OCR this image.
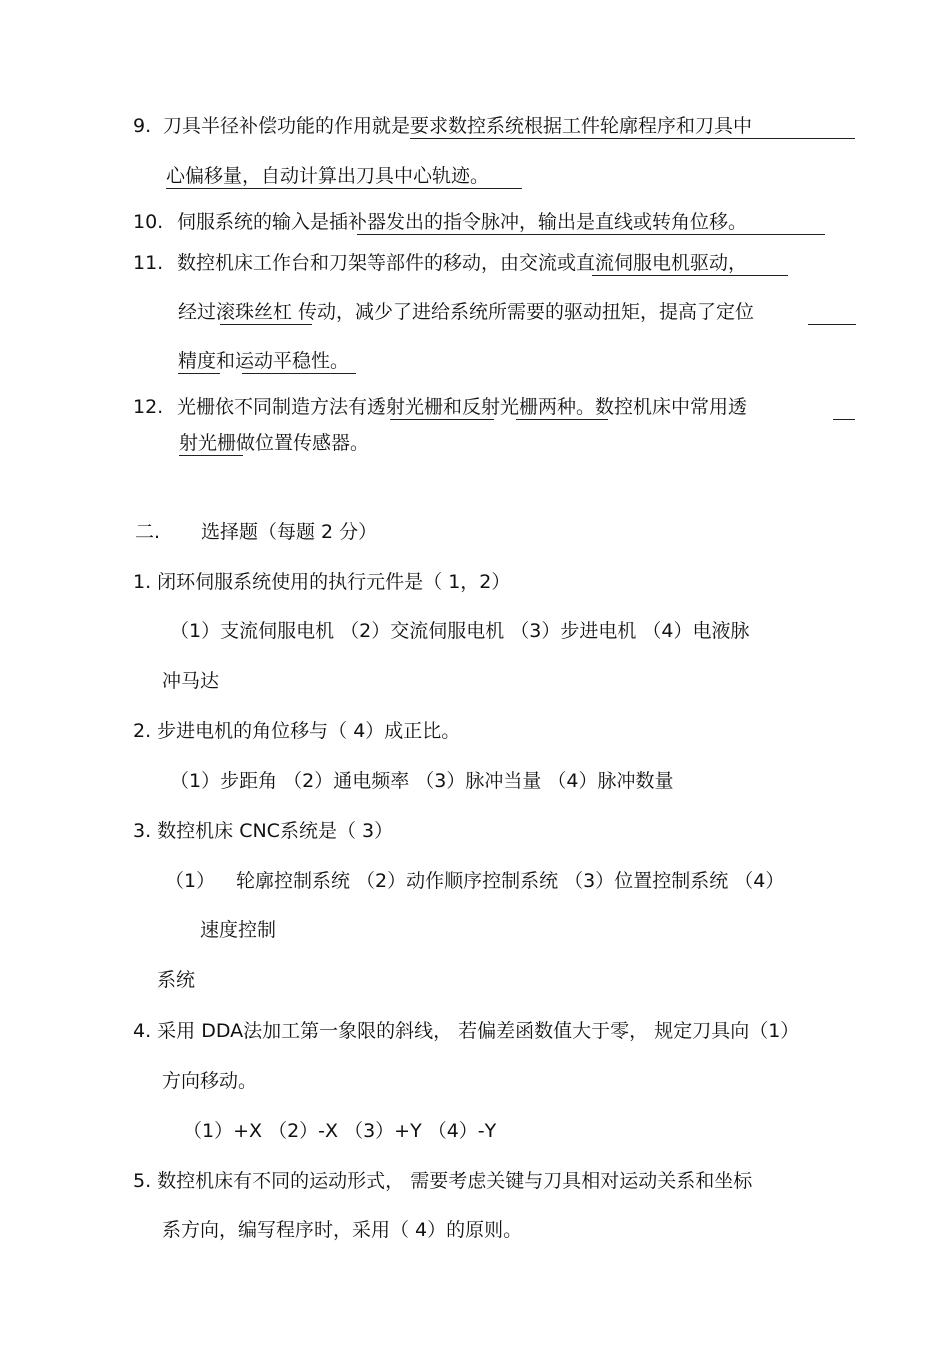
9. 刀具半径补偿功能的作用就是要求数控系统根据工件轮廓程序和刀具中
心偏移量，自动计算出刀具中心轨迹。
10. 伺服系统的输入是插补器发出的指令脉冲，输出是直线或转角位移。
11. 数控机床工作台和刀架等部件的移动，由交流或直流伺服电机驱动，
经过滚珠丝杠 传动，减少了进给系统所需要的驱动扭矩，提高了定位
精度和运动平稳性。
12. 光栅依不同制造方法有透射光栅和反射光栅两种。数控机床中常用透
射光栅做位置传感器。
二. 选择题（每题 2 分）
1. 闭环伺服系统使用的执行元件是（ 1，2）
（1）支流伺服电机 （2）交流伺服电机 （3）步进电机 （4）电液脉
冲马达
2. 步进电机的角位移与（ 4）成正比。
（1）步距角 （2）通电频率 （3）脉冲当量 （4）脉冲数量
3. 数控机床 CNC系统是（ 3）
（1） 轮廓控制系统 （2）动作顺序控制系统 （3）位置控制系统 （4）
速度控制
系统
4. 采用 DDA法加工第一象限的斜线， 若偏差函数值大于零， 规定刀具向（1）
方向移动。
（1）+X （2）-X （3）+Y （4）-Y
5. 数控机床有不同的运动形式， 需要考虑关键与刀具相对运动关系和坐标
系方向，编写程序时，采用（ 4）的原则。
